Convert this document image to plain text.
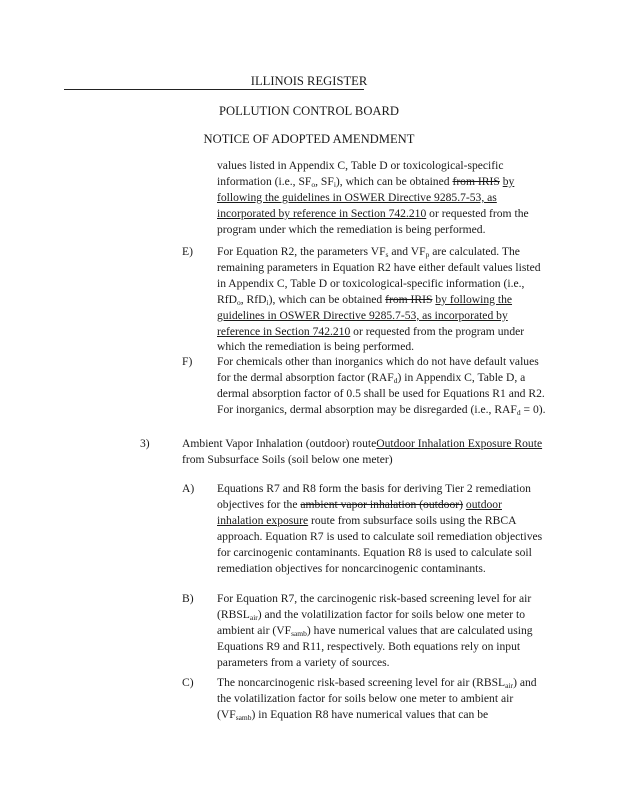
ILLINOIS REGISTER
POLLUTION CONTROL BOARD
NOTICE OF ADOPTED AMENDMENT

values listed in Appendix C, Table D or toxicological-specific information (i.e., $SF_o$, $SF_i$), which can be obtained from IRIS by following the guidelines in OSWER Directive 9285.7-53, as incorporated by reference in Section 742.210 or requested from the program under which the remediation is being performed.

E) For Equation R2, the parameters $VF_s$ and $VF_p$ are calculated. The remaining parameters in Equation R2 have either default values listed in Appendix C, Table D or toxicological-specific information (i.e., RfD$_o$, RfD$_i$), which can be obtained from IRIS by following the guidelines in OSWER Directive 9285.7-53, as incorporated by reference in Section 742.210 or requested from the program under which the remediation is being performed.

F) For chemicals other than inorganics which do not have default values for the dermal absorption factor $(RAF_d)$ in Appendix C, Table D, a dermal absorption factor of 0.5 shall be used for Equations R1 and R2. For inorganics, dermal absorption may be disregarded (i.e., $RAF_d = 0$).

3)	Ambient Vapor Inhalation (outdoor) routeOutdoor Inhalation Exposure Route from Subsurface Soils (soil below one meter)

A) Equations R7 and R8 form the basis for deriving Tier 2 remediation objectives for the ambient vapor inhalation (outdoor) outdoor inhalation exposure route from subsurface soils using the RBCA approach. Equation R7 is used to calculate soil remediation objectives for carcinogenic contaminants. Equation R8 is used to calculate soil remediation objectives for noncarcinogenic contaminants.

B) For Equation R7, the carcinogenic risk-based screening level for air $(RBSL_{air})$ and the volatilization factor for soils below one meter to ambient air $(VF_{samb})$ have numerical values that are calculated using Equations R9 and R11, respectively. Both equations rely on input parameters from a variety of sources.

C) The noncarcinogenic risk-based screening level for air $(RBSL_{air})$ and the volatilization factor for soils below one meter to ambient air $(VF_{samb})$ in Equation R8 have numerical values that can be
